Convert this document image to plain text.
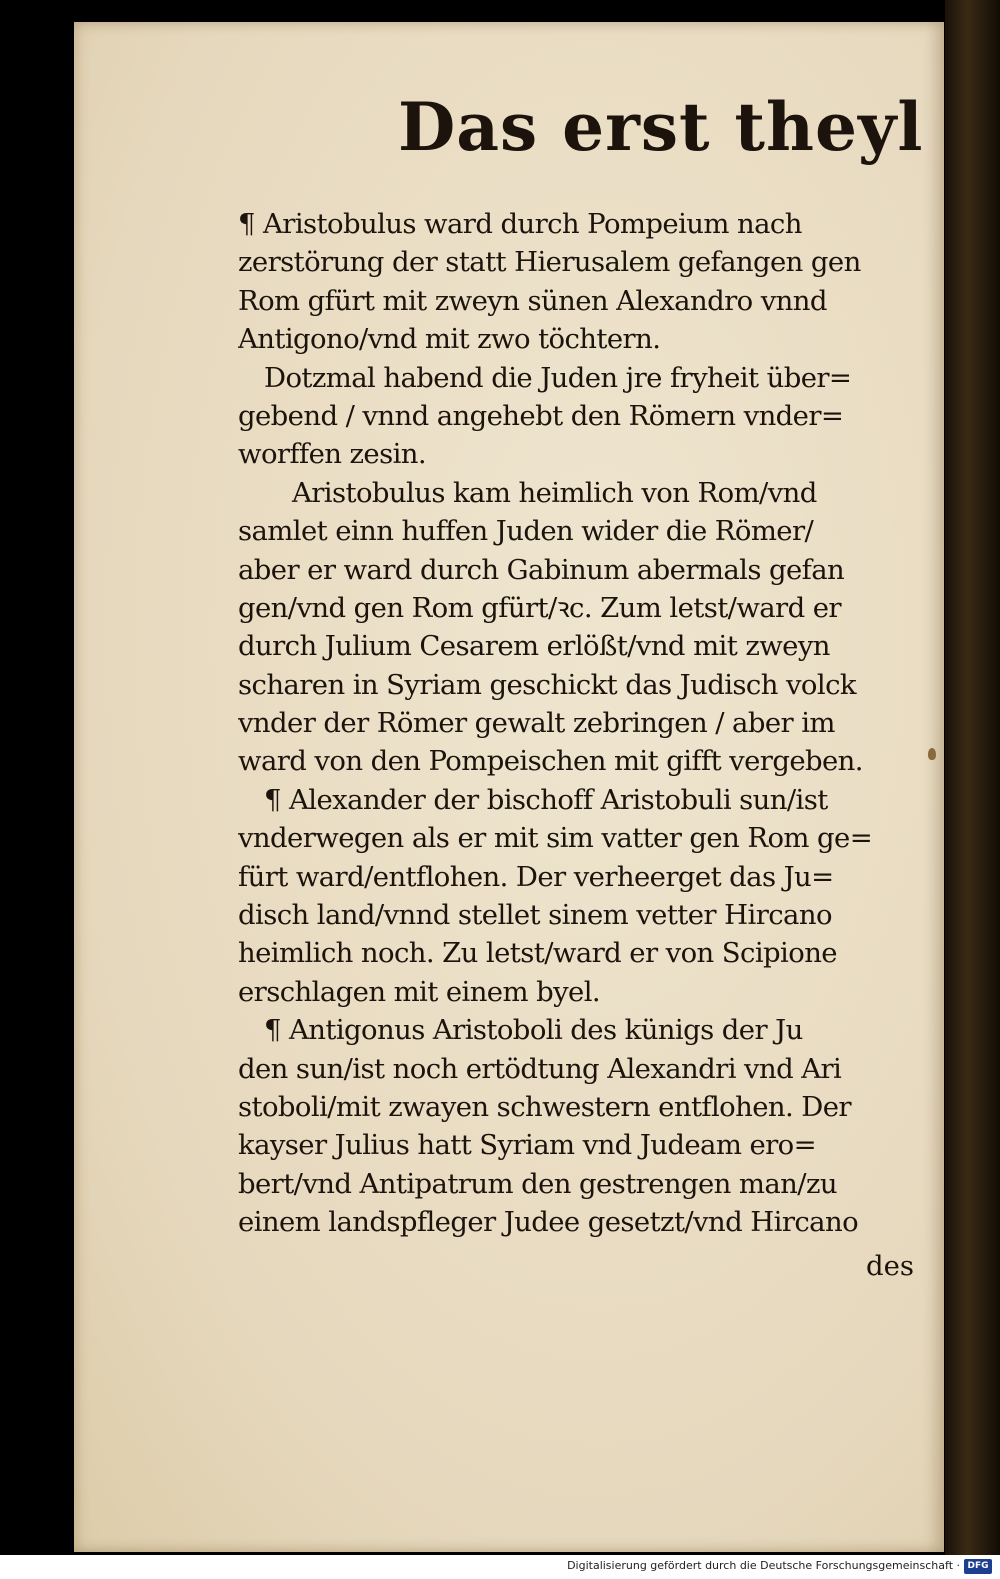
Das erst theyl

¶ Aristobulus ward durch Pompeium nach
zerstörung der statt Hierusalem gefangen gen
Rom gfürt mit zweyn sünen Alexandro vnnd
Antigono/vnd mit zwo töchtern.

Dotzmal habend die Juden jre fryheit über=
gebend / vnnd angehebt den Römern vnder=
worffen zesin.

Aristobulus kam heimlich von Rom/vnd
samlet einn huffen Juden wider die Römer/
aber er ward durch Gabinum abermals gefan
gen/vnd gen Rom gfürt/ꝛc. Zum letst/ward er
durch Julium Cesarem erlößt/vnd mit zweyn
scharen in Syriam geschickt das Judisch volck
vnder der Römer gewalt zebringen / aber im
ward von den Pompeischen mit gifft vergeben.

¶ Alexander der bischoff Aristobuli sun/ist
vnderwegen als er mit sim vatter gen Rom ge=
fürt ward/entflohen. Der verheerget das Ju=
disch land/vnnd stellet sinem vetter Hircano
heimlich noch. Zu letst/ward er von Scipione
erschlagen mit einem byel.

¶ Antigonus Aristoboli des künigs der Ju
den sun/ist noch ertödtung Alexandri vnd Ari
stoboli/mit zwayen schwestern entflohen. Der
kayser Julius hatt Syriam vnd Judeam ero=
bert/vnd Antipatrum den gestrengen man/zu
einem landspfleger Judee gesetzt/vnd Hircano

des
Digitalisierung gefördert durch die Deutsche Forschungsgemeinschaft · DFG
